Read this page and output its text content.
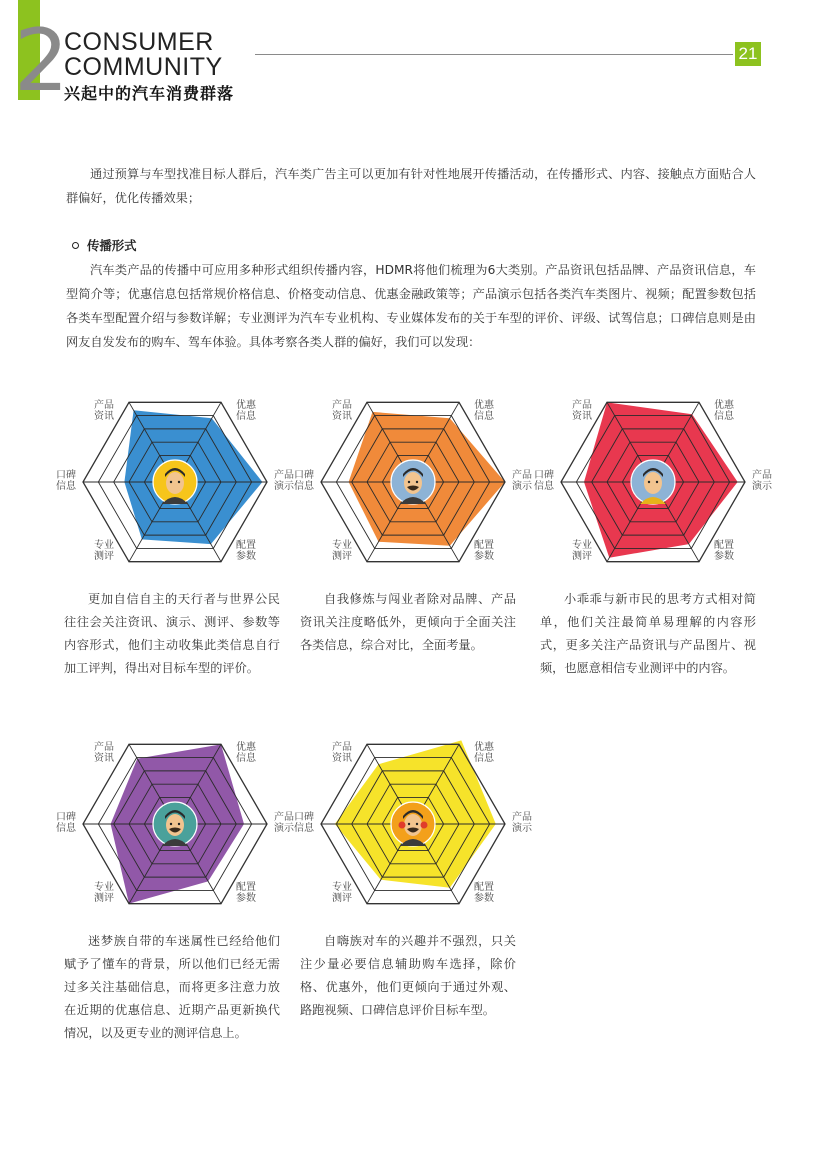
2 CONSUMER
COMMUNITY
兴起中的汽车消费群落
21
通过预算与车型找准目标人群后，汽车类广告主可以更加有针对性地展开传播活动，在传播形式、内容、接触点方面贴合人群偏好，优化传播效果；
传播形式
汽车类产品的传播中可应用多种形式组织传播内容，HDMR将他们梳理为6大类别。产品资讯包括品牌、产品资讯信息，车型简介等；优惠信息包括常规价格信息、价格变动信息、优惠金融政策等；产品演示包括各类汽车类图片、视频；配置参数包括各类车型配置介绍与参数详解；专业测评为汽车专业机构、专业媒体发布的关于车型的评价、评级、试驾信息；口碑信息则是由网友自发发布的购车、驾车体验。具体考察各类人群的偏好，我们可以发现：
产品
资讯
优惠
信息
产品
演示
配置
参数
专业
测评
口碑
信息
产品
资讯
优惠
信息
产品
演示
配置
参数
专业
测评
口碑
信息
产品
资讯
优惠
信息
产品
演示
配置
参数
专业
测评
口碑
信息
产品
资讯
优惠
信息
产品
演示
配置
参数
专业
测评
口碑
信息
产品
资讯
优惠
信息
产品
演示
配置
参数
专业
测评
口碑
信息
更加自信自主的天行者与世界公民往往会关注资讯、演示、测评、参数等内容形式，他们主动收集此类信息自行加工评判，得出对目标车型的评价。
自我修炼与闯业者除对品牌、产品资讯关注度略低外，更倾向于全面关注各类信息，综合对比，全面考量。
小乖乖与新市民的思考方式相对简单，他们关注最简单易理解的内容形式，更多关注产品资讯与产品图片、视频，也愿意相信专业测评中的内容。
迷梦族自带的车迷属性已经给他们赋予了懂车的背景，所以他们已经无需过多关注基础信息，而将更多注意力放在近期的优惠信息、近期产品更新换代情况，以及更专业的测评信息上。
自嗨族对车的兴趣并不强烈，只关注少量必要信息辅助购车选择，除价格、优惠外，他们更倾向于通过外观、路跑视频、口碑信息评价目标车型。
